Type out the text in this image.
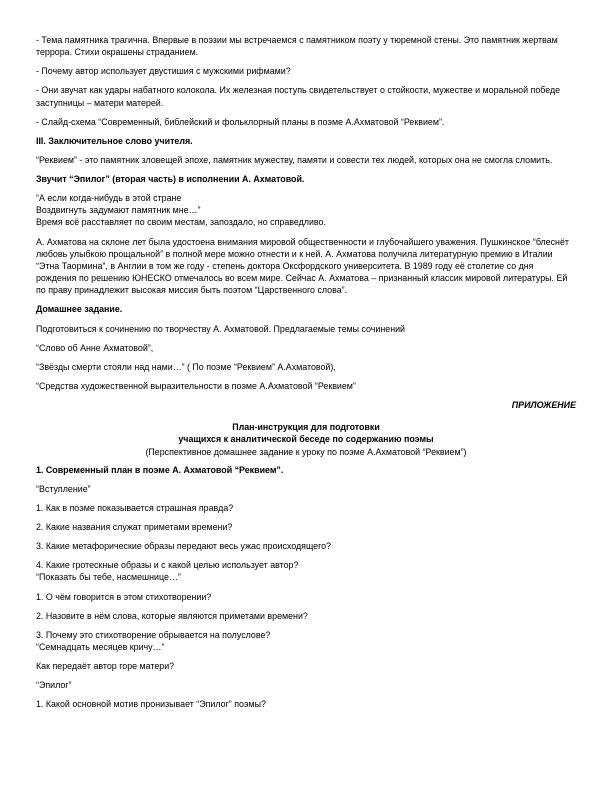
- Тема памятника трагична. Впервые в поэзии мы встречаемся с памятником поэту у тюремной стены. Это памятник жертвам террора. Стихи окрашены страданием.

- Почему автор использует двустишия с мужскими рифмами?

- Они звучат как удары набатного колокола. Их железная поступь свидетельствует о стойкости, мужестве и моральной победе заступницы – матери матерей.

- Слайд-схема “Современный, библейский и фольклорный планы в поэме А.Ахматовой “Реквием”.

III. Заключительное слово учителя.

“Реквием” - это памятник зловещей эпохе, памятник мужеству, памяти и совести тех людей, которых она не смогла сломить.

Звучит “Эпилог” (вторая часть) в исполнении А. Ахматовой.

“А если когда-нибудь в этой стране
Воздвигнуть задумают памятник мне…”
Время всё расставляет по своим местам, запоздало, но справедливо.

А. Ахматова на склоне лет была удостоена внимания мировой общественности и глубочайшего уважения. Пушкинское “блеснёт любовь улыбкою прощальной” в полной мере можно отнести и к ней. А. Ахматова получила литературную премию в Италии “Этна Таормина”, в Англии в том же году - степень доктора Оксфордского университета. В 1989 году её столетие со дня рождения по решению ЮНЕСКО отмечалось во всем мире. Сейчас А. Ахматова – признанный классик мировой литературы. Ей по праву принадлежит высокая миссия быть поэтом “Царственного слова”.

Домашнее задание.

Подготовиться к сочинению по творчеству А. Ахматовой. Предлагаемые темы сочинений

“Слово об Анне Ахматовой”,

“Звёзды смерти стояли над нами…” ( По поэме “Реквием” А.Ахматовой),

“Средства художественной выразительности в поэме А.Ахматовой “Реквием”

ПРИЛОЖЕНИЕ

План-инструкция для подготовки

учащихся к аналитической беседе по содержанию поэмы

(Перспективное домашнее задание к уроку по поэме А.Ахматовой “Реквием”)

1. Современный план в поэме А. Ахматовой “Реквием”.

“Вступление”

1. Как в поэме показывается страшная правда?

2. Какие названия служат приметами времени?

3. Какие метафорические образы передают весь ужас происходящего?

4. Какие гротескные образы и с какой целью использует автор?
“Показать бы тебе, насмешнице…”

1. О чём говорится в этом стихотворении?

2. Назовите в нём слова, которые являются приметами времени?

3. Почему это стихотворение обрывается на полуслове?
“Семнадцать месяцев кричу…”

Как передаёт автор горе матери?

“Эпилог”

1. Какой основной мотив пронизывает “Эпилог” поэмы?
